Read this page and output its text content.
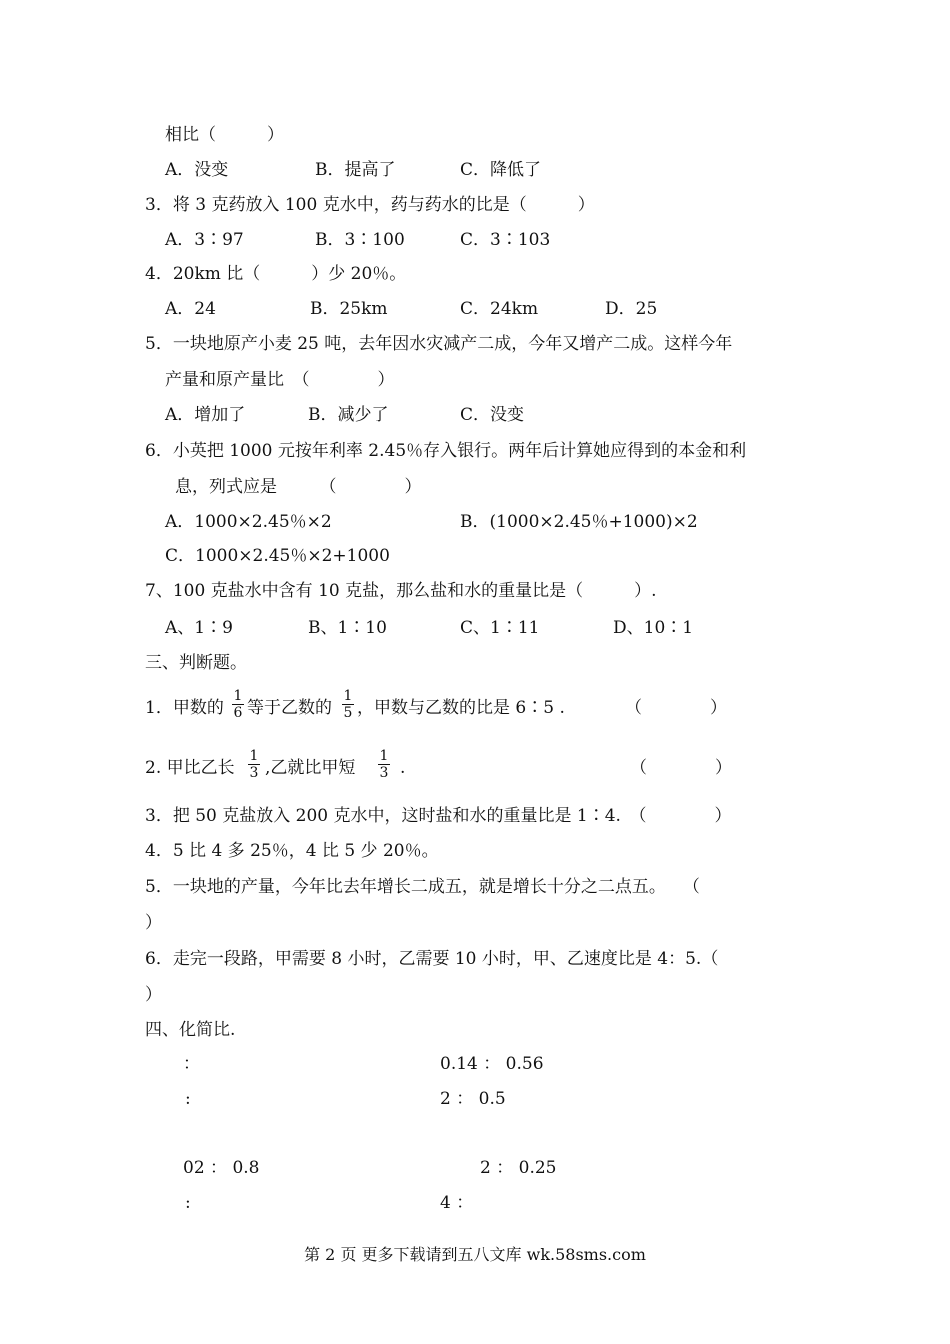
相比（　　　）
A．没变	B．提高了	C．降低了
3．将 3 克药放入 100 克水中，药与药水的比是（　　　）
A．3∶97	B．3∶100	C．3∶103
4．20km 比（　　　）少 20％。
A．24	B．25km	C．24km	D．25
5．一块地原产小麦 25 吨，去年因水灾减产二成，今年又增产二成。这样今年
产量和原产量比　（　　　　）
A．增加了	B．减少了	C．没变
6．小英把 1000 元按年利率 2.45％存入银行。两年后计算她应得到的本金和利
息，列式应是　　　（　　　　）
A．1000×2.45％×2	B．(1000×2.45％+1000)×2
C．1000×2.45％×2+1000
7、100 克盐水中含有 10 克盐，那么盐和水的重量比是（　　　）.
A、1∶9	B、1∶10	C、1∶11	D、10∶1
三、判断题。
1．甲数的 $\frac{1}{6}$ 等于乙数的 $\frac{1}{5}$ ，甲数与乙数的比是 6∶5 .	（　　　　）
2. 甲比乙长 $\frac{1}{3}$ ,乙就比甲短 $\frac{1}{3}$ .	（　　　　）
3．把 50 克盐放入 200 克水中，这时盐和水的重量比是 1∶4.　（　　　　）
4．5 比 4 多 25％，4 比 5 少 20％。
5．一块地的产量，今年比去年增长二成五，就是增长十分之二点五。　　（
）
6．走完一段路，甲需要 8 小时，乙需要 10 小时，甲、乙速度比是 4：5.（
）
四、化简比.
：	0.14 ： 0.56
:	2 ： 0.5
02 ： 0.8	2 ： 0.25
:	4 ：
第 2 页 更多下载请到五八文库 wk.58sms.com
